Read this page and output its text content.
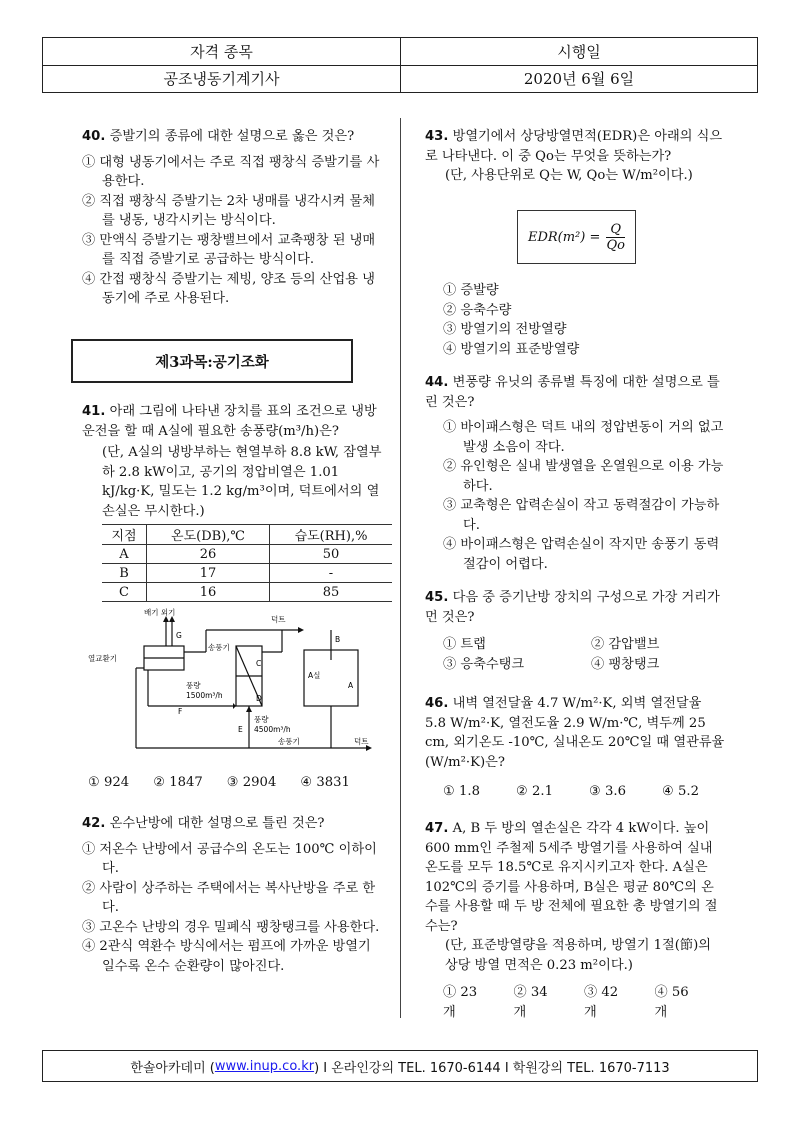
자격 종목	시행일
공조냉동기계기사	2020년 6월 6일
40. 증발기의 종류에 대한 설명으로 옳은 것은?
① 대형 냉동기에서는 주로 직접 팽창식 증발기를 사용한다.
② 직접 팽창식 증발기는 2차 냉매를 냉각시켜 물체를 냉동, 냉각시키는 방식이다.
③ 만액식 증발기는 팽창밸브에서 교축팽창 된 냉매를 직접 증발기로 공급하는 방식이다.
④ 간접 팽창식 증발기는 제빙, 양조 등의 산업용 냉동기에 주로 사용된다.
제3과목:공기조화
41. 아래 그림에 나타낸 장치를 표의 조건으로 냉방운전을 할 때 A실에 필요한 송풍량(m³/h)은?
(단, A실의 냉방부하는 현열부하 8.8 kW, 잠열부하 2.8 kW이고, 공기의 정압비열은 1.01 kJ/kg·K, 밀도는 1.2 kg/m³이며, 덕트에서의 열손실은 무시한다.)
지점	온도(DB),℃	습도(RH),%
A	26	50
B	17	-
C	16	85
배기 외기
G
덕트
B
열교환기
송풍기
C
D
A실
A
풍량
1500m³/h
F
E
풍량
4500m³/h
송풍기	덕트
① 924 ② 1847 ③ 2904 ④ 3831
42. 온수난방에 대한 설명으로 틀린 것은?
① 저온수 난방에서 공급수의 온도는 100℃ 이하이다.
② 사람이 상주하는 주택에서는 복사난방을 주로 한다.
③ 고온수 난방의 경우 밀폐식 팽창탱크를 사용한다.
④ 2관식 역환수 방식에서는 펌프에 가까운 방열기일수록 온수 순환량이 많아진다.
43. 방열기에서 상당방열면적(EDR)은 아래의 식으로 나타낸다. 이 중 Qo는 무엇을 뜻하는가?
(단, 사용단위로 Q는 W, Qo는 W/m²이다.)
$EDR(m^2) = \frac{Q}{Qo}$
① 증발량
② 응축수량
③ 방열기의 전방열량
④ 방열기의 표준방열량
44. 변풍량 유닛의 종류별 특징에 대한 설명으로 틀린 것은?
① 바이패스형은 덕트 내의 정압변동이 거의 없고 발생 소음이 작다.
② 유인형은 실내 발생열을 온열원으로 이용 가능하다.
③ 교축형은 압력손실이 작고 동력절감이 가능하다.
④ 바이패스형은 압력손실이 작지만 송풍기 동력 절감이 어렵다.
45. 다음 중 증기난방 장치의 구성으로 가장 거리가 먼 것은?
① 트랩	② 감압밸브
③ 응축수탱크	④ 팽창탱크
46. 내벽 열전달율 4.7 W/m²·K, 외벽 열전달율 5.8 W/m²·K, 열전도율 2.9 W/m·℃, 벽두께 25 cm, 외기온도 -10℃, 실내온도 20℃일 때 열관류율(W/m²·K)은?
① 1.8	② 2.1	③ 3.6	④ 5.2
47. A, B 두 방의 열손실은 각각 4 kW이다. 높이 600 mm인 주철제 5세주 방열기를 사용하여 실내온도를 모두 18.5℃로 유지시키고자 한다. A실은 102℃의 증기를 사용하며, B실은 평균 80℃의 온수를 사용할 때 두 방 전체에 필요한 총 방열기의 절수는?
(단, 표준방열량을 적용하며, 방열기 1절(節)의 상당 방열 면적은 0.23 m²이다.)
① 23개
② 34개
③ 42개
④ 56개
한솔아카데미 ( www.inup.co.kr ) I 온라인강의 TEL. 1670-6144 I 학원강의 TEL. 1670-7113
